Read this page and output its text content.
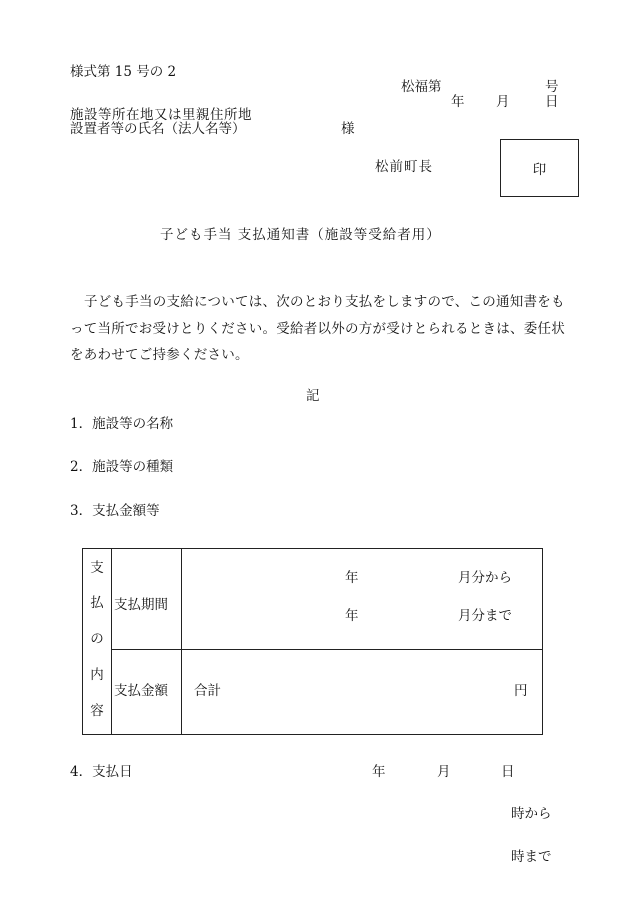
様式第 15 号の 2
松福第	号
年 月	日
施設等所在地又は里親住所地
設置者等の氏名（法人名等）	様
松前町長	印
子ども手当 支払通知書（施設等受給者用）
子ども手当の支給については、次のとおり支払をしますので、この通知書をもって当所でお受けとりください。受給者以外の方が受けとられるときは、委任状をあわせてご持参ください。
記
1．施設等の名称
2．施設等の種類
3．支払金額等
支
払
の
内
容
支払期間
年	月分から
年	月分まで
支払金額 合計	円
4．支払日	年	月	日
時から
時まで
